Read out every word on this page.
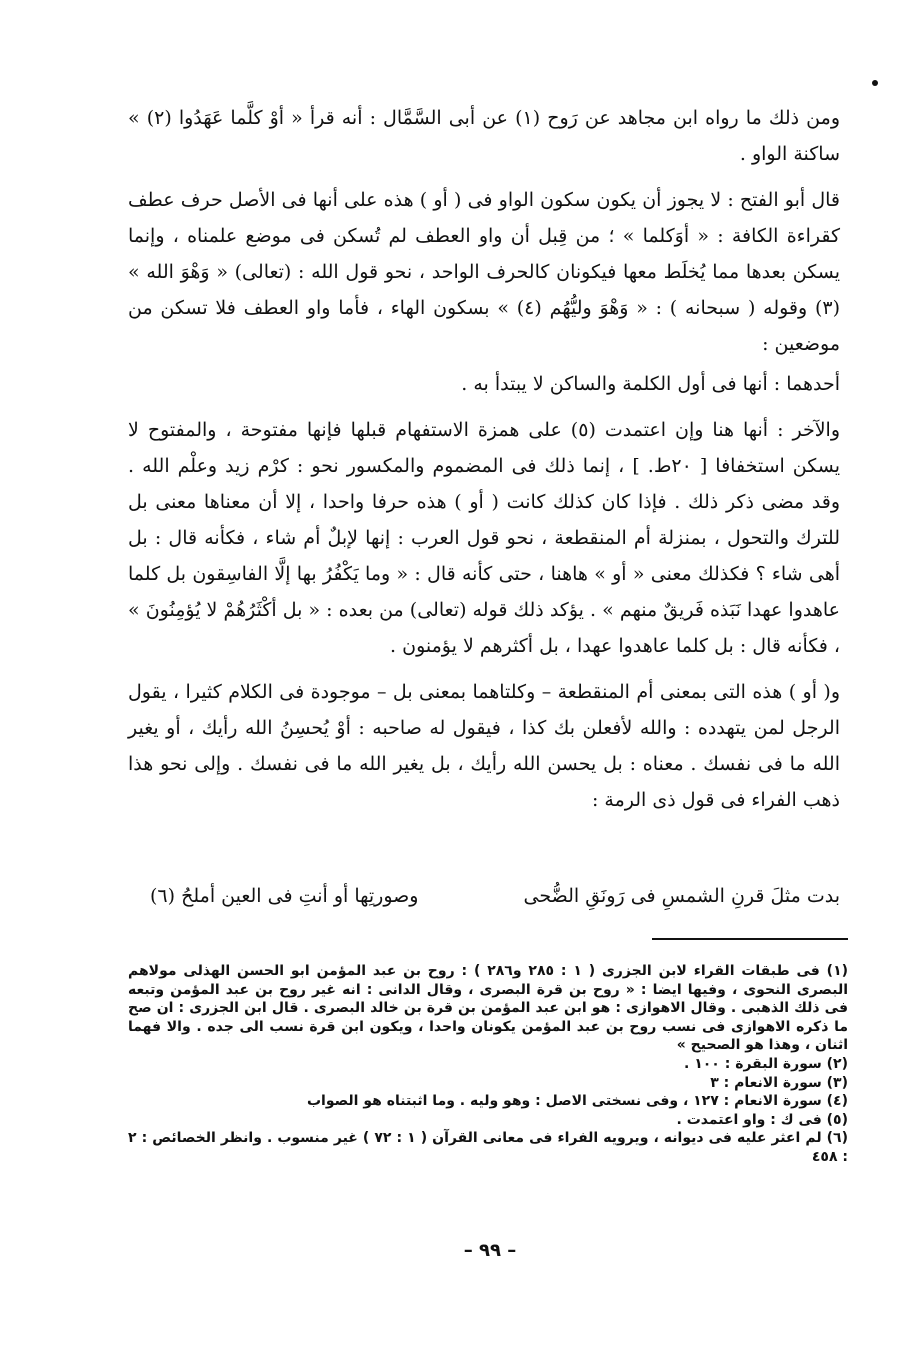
ومن ذلك ما رواه ابن مجاهد عن رَوح (١) عن أبى السَّمَّال : أنه قرأ « أوْ كلَّما عَهَدُوا (٢) » ساكنة الواو .

قال أبو الفتح : لا يجوز أن يكون سكون الواو فى ( أو ) هذه على أنها فى الأصل حرف عطف كقراءة الكافة : « أوَكلما » ؛ من قِبل أن واو العطف لم تُسكن فى موضع علمناه ، وإنما يسكن بعدها مما يُخلَط معها فيكونان كالحرف الواحد ، نحو قول الله : (تعالى) « وَهْوَ الله » (٣) وقوله ( سبحانه ) : « وَهْوَ وليُّهُم (٤) » بسكون الهاء ، فأما واو العطف فلا تسكن من موضعين :

أحدهما : أنها فى أول الكلمة والساكن لا يبتدأ به .

والآخر : أنها هنا وإن اعتمدت (٥) على همزة الاستفهام قبلها فإنها مفتوحة ، والمفتوح لا يسكن استخفافا [ ٢٠ط. ] ، إنما ذلك فى المضموم والمكسور نحو : كرْم زيد وعلْم الله . وقد مضى ذكر ذلك . فإذا كان كذلك كانت ( أو ) هذه حرفا واحدا ، إلا أن معناها معنى بل للترك والتحول ، بمنزلة أم المنقطعة ، نحو قول العرب : إنها لإبلٌ أم شاء ، فكأنه قال : بل أهى شاء ؟ فكذلك معنى « أو » هاهنا ، حتى كأنه قال : « وما يَكْفُرُ بها إلَّا الفاسِقون بل كلما عاهدوا عهدا نَبَذه فَريقٌ منهم » . يؤكد ذلك قوله (تعالى) من بعده : « بل أكْثَرُهُمْ لا يُؤمِنُونَ » ، فكأنه قال : بل كلما عاهدوا عهدا ، بل أكثرهم لا يؤمنون .

و( أو ) هذه التى بمعنى أم المنقطعة – وكلتاهما بمعنى بل – موجودة فى الكلام كثيرا ، يقول الرجل لمن يتهدده : والله لأفعلن بك كذا ، فيقول له صاحبه : أوْ يُحسِنُ الله رأيك ، أو يغير الله ما فى نفسك . معناه : بل يحسن الله رأيك ، بل يغير الله ما فى نفسك . وإلى نحو هذا ذهب الفراء فى قول ذى الرمة :

بدت مثلَ قرنِ الشمسِ فى رَونَقِ الضُّحى
وصورتِها أو أنتِ فى العين أملحُ (٦)
(١) فى طبقات القراء لابن الجزرى ( ١ : ٢٨٥ و٢٨٦ ) : روح بن عبد المؤمن ابو الحسن الهذلى مولاهم البصرى النحوى ، وفيها ايضا : « روح بن قرة البصرى ، وقال الدانى : انه غير روح بن عبد المؤمن وتبعه فى ذلك الذهبى . وقال الاهوازى : هو ابن عبد المؤمن بن قرة بن خالد البصرى . قال ابن الجزرى : ان صح ما ذكره الاهوازى فى نسب روح بن عبد المؤمن يكونان واحدا ، ويكون ابن قرة نسب الى جده . والا فهما اثنان ، وهذا هو الصحيح »
(٢) سورة البقرة : ١٠٠ .
(٣) سورة الانعام : ٣
(٤) سورة الانعام : ١٢٧ ، وفى نسختى الاصل : وهو وليه . وما اثبتناه هو الصواب
(٥) فى ك : واو اعتمدت .
(٦) لم اعثر عليه فى ديوانه ، ويرويه الفراء فى معانى القرآن ( ١ : ٧٢ ) غير منسوب . وانظر الخصائص : ٢ : ٤٥٨
– ٩٩ –
